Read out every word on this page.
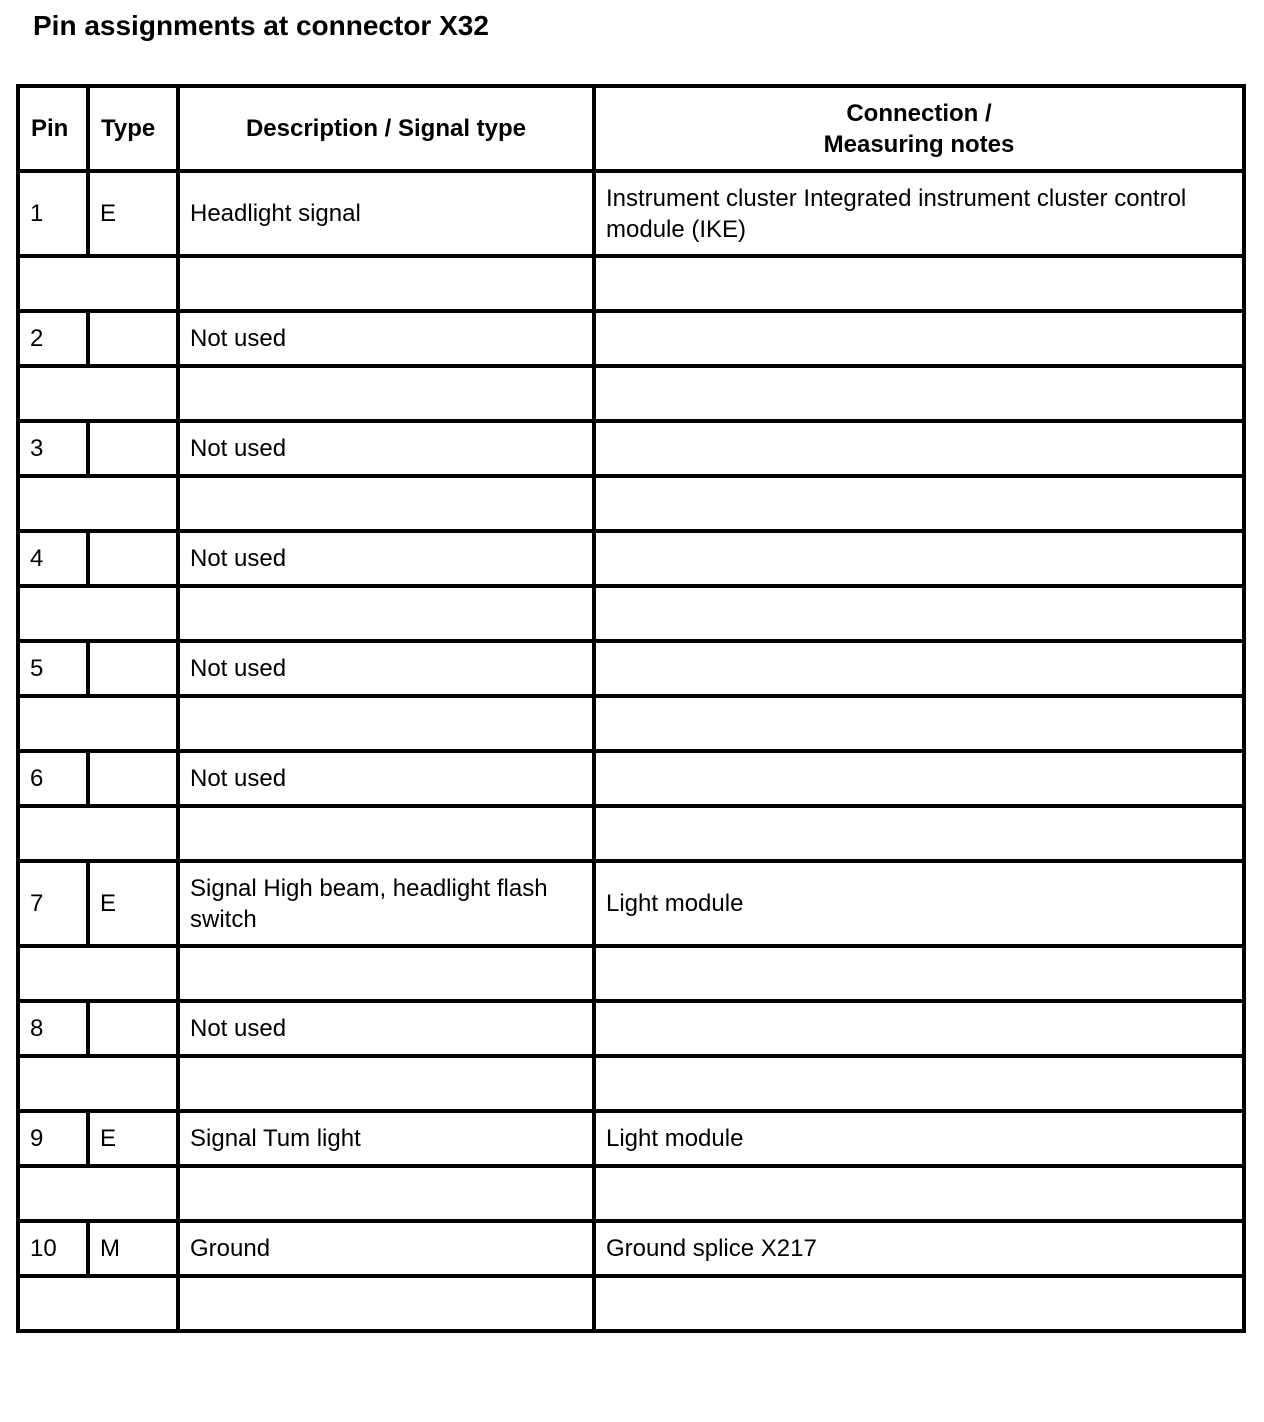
Pin assignments at connector X32
Pin	Type	Description / Signal type	Connection /
Measuring notes

1	E	Headlight signal	Instrument cluster Integrated instrument cluster control module (IKE)

2		Not used	

3		Not used	

4		Not used	

5		Not used	

6		Not used	

7	E	Signal High beam, headlight flash switch	Light module

8		Not used	

9	E	Signal Tum light	Light module

10	M	Ground	Ground splice X217
